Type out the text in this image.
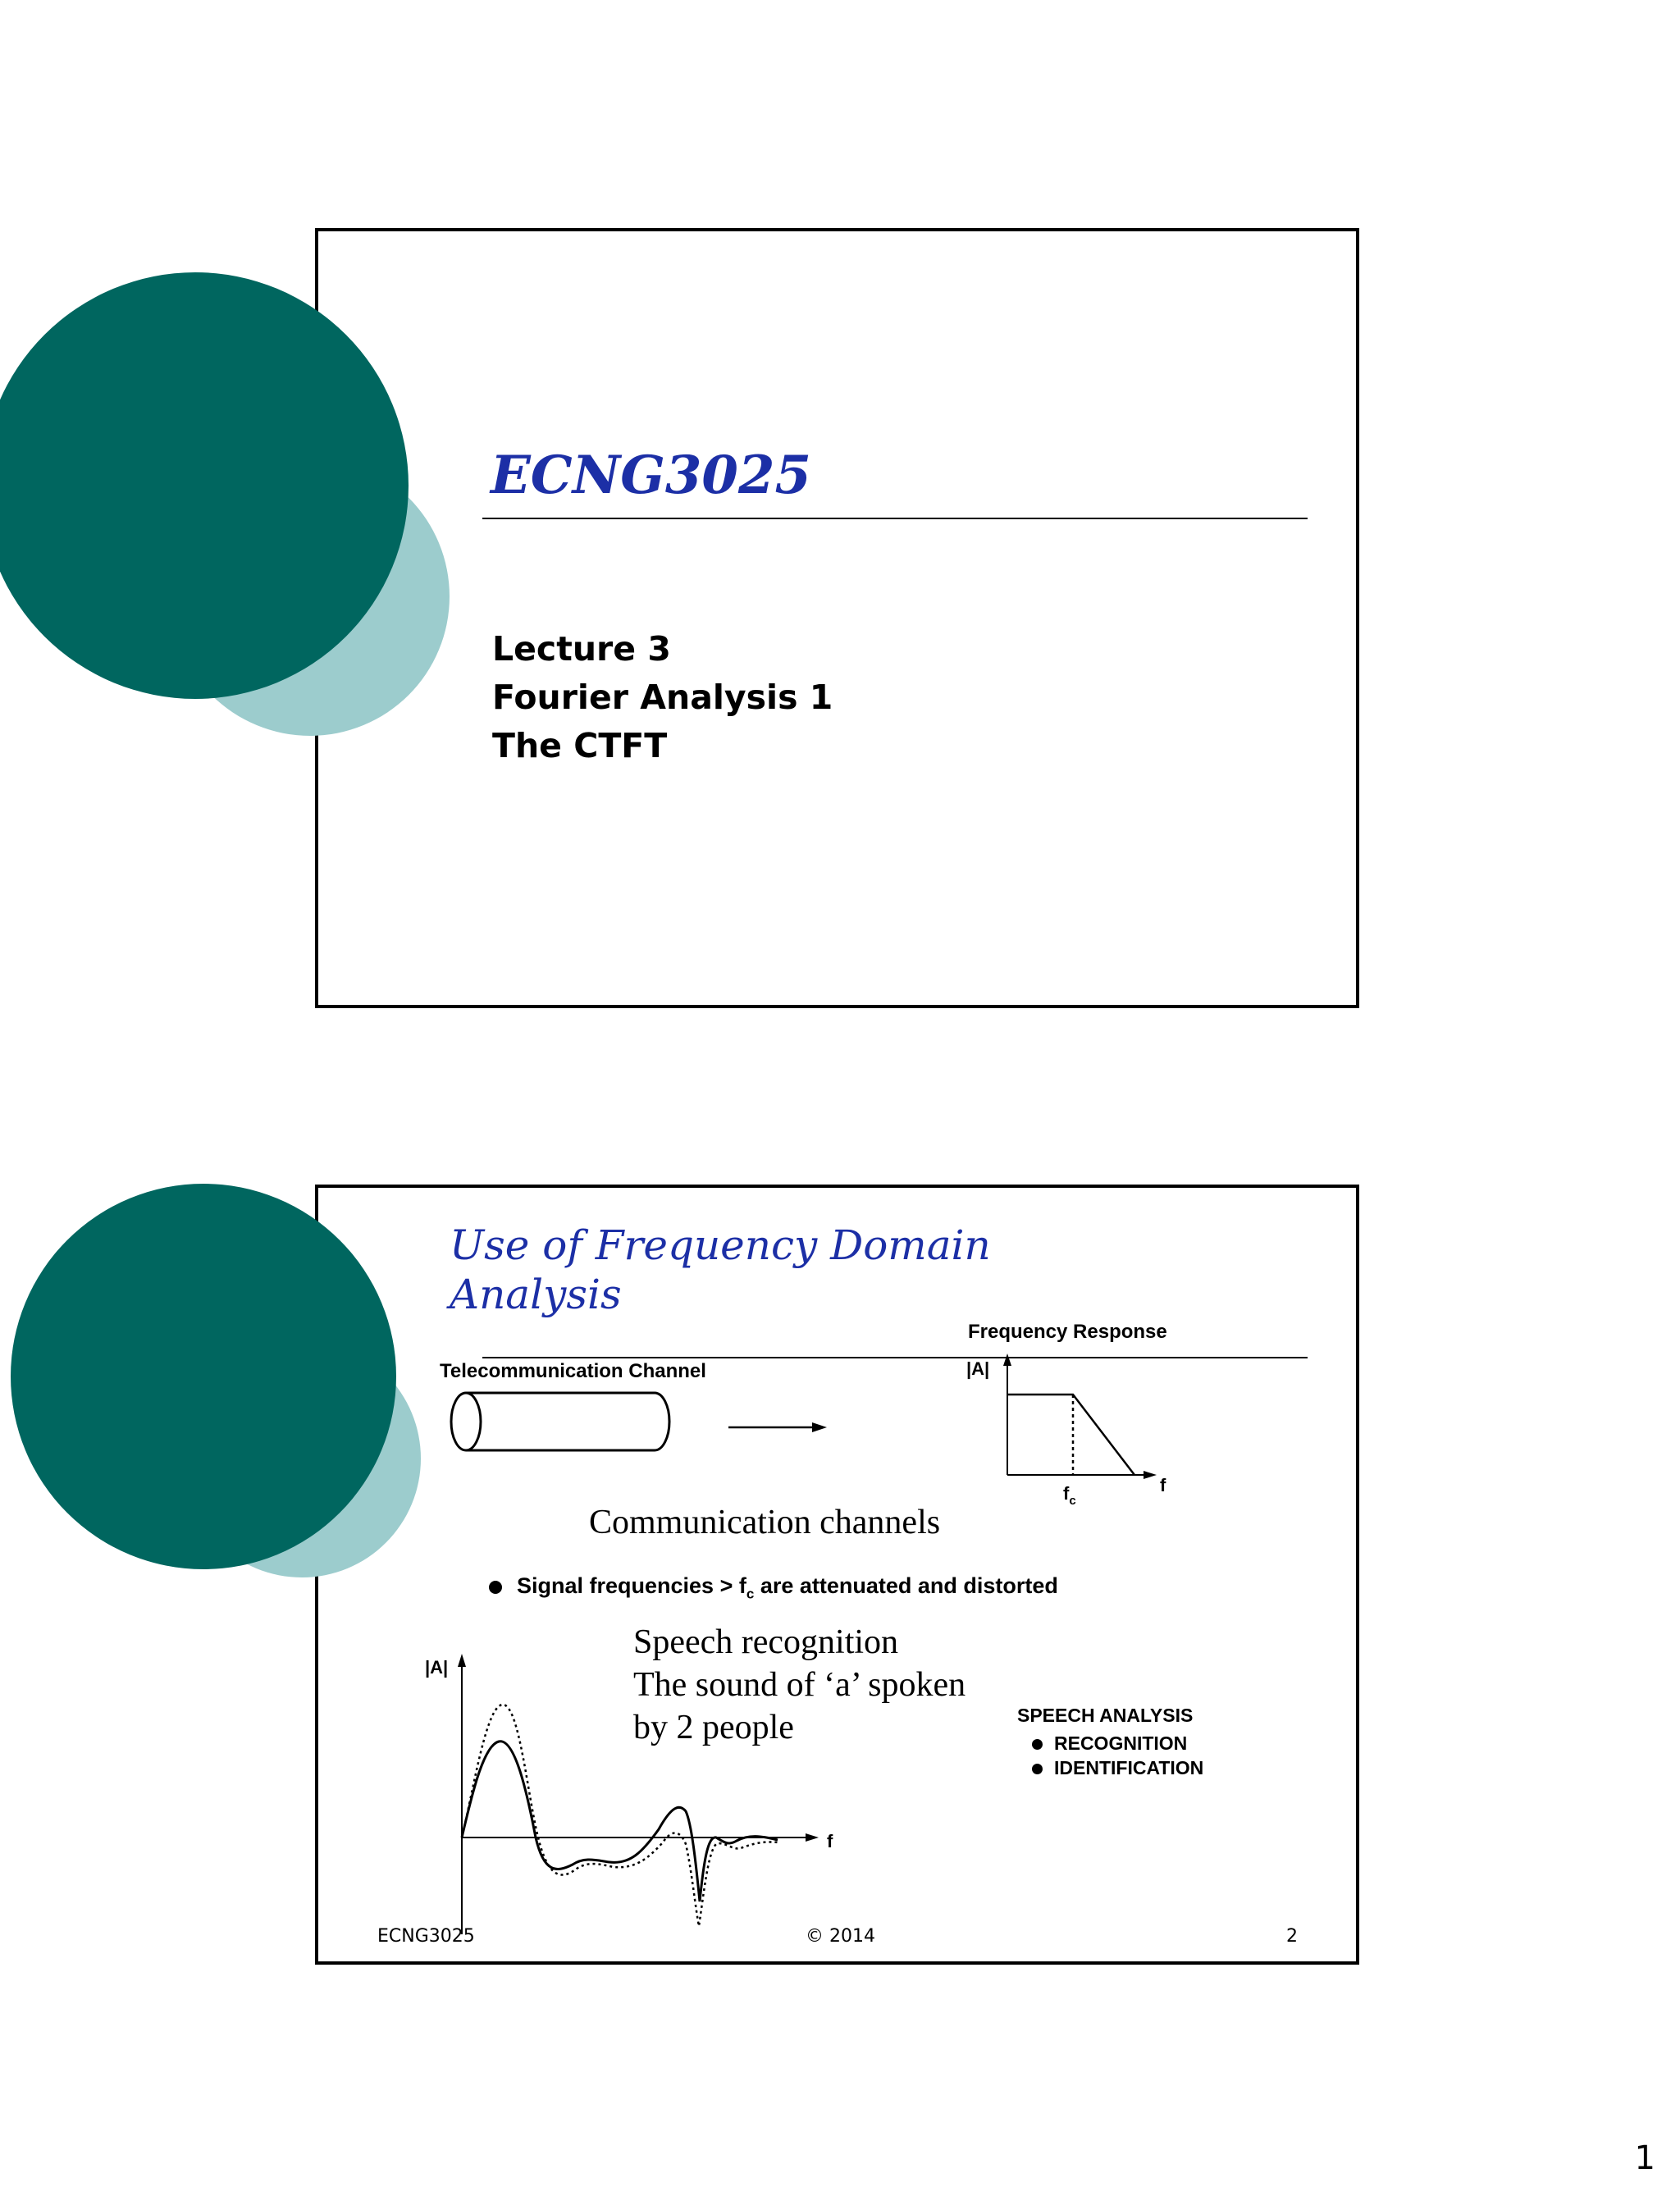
ECNG3025
Lecture 3
Fourier Analysis 1
The CTFT
Use of Frequency Domain
Analysis
Telecommunication Channel
Frequency Response
|A|
f
$f_c$
Communication channels
Signal frequencies > $f_c$ are attenuated and distorted
Speech recognition
The sound of ‘a’ spoken
by 2 people
|A|
f
SPEECH ANALYSIS
RECOGNITION
IDENTIFICATION
ECNG3025	© 2014	2
1
